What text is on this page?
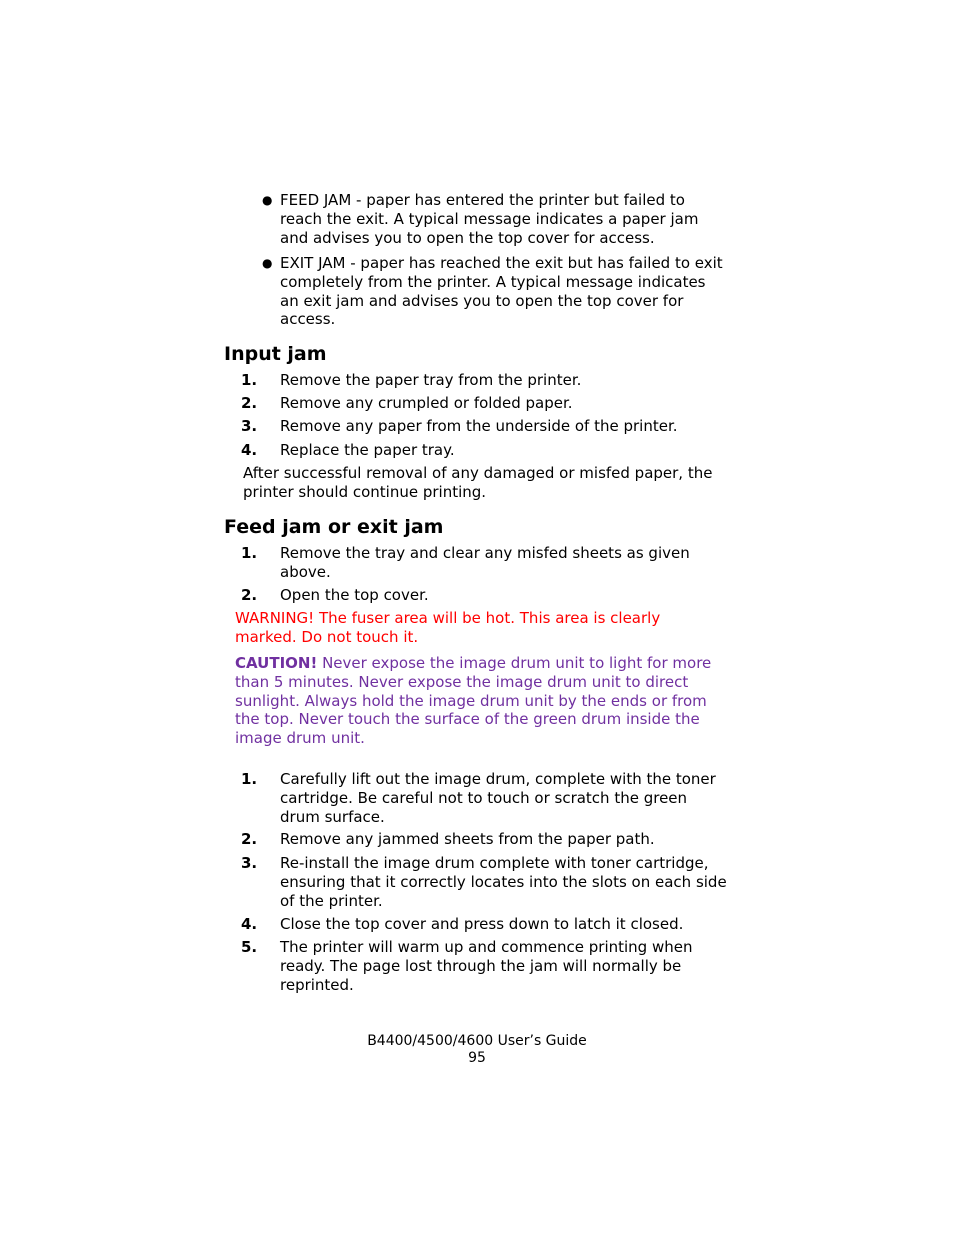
● FEED JAM - paper has entered the printer but failed to reach the exit. A typical message indicates a paper jam and advises you to open the top cover for access.

● EXIT JAM - paper has reached the exit but has failed to exit completely from the printer. A typical message indicates an exit jam and advises you to open the top cover for access.

Input jam
1. Remove the paper tray from the printer.

2. Remove any crumpled or folded paper.

3. Remove any paper from the underside of the printer.

4. Replace the paper tray.

After successful removal of any damaged or misfed paper, the printer should continue printing.

Feed jam or exit jam
1. Remove the tray and clear any misfed sheets as given above.

2. Open the top cover.

WARNING! The fuser area will be hot. This area is clearly marked. Do not touch it.

CAUTION! Never expose the image drum unit to light for more than 5 minutes. Never expose the image drum unit to direct sunlight. Always hold the image drum unit by the ends or from the top. Never touch the surface of the green drum inside the image drum unit.

1. Carefully lift out the image drum, complete with the toner cartridge. Be careful not to touch or scratch the green drum surface.

2. Remove any jammed sheets from the paper path.

3. Re-install the image drum complete with toner cartridge, ensuring that it correctly locates into the slots on each side of the printer.

4. Close the top cover and press down to latch it closed.

5. The printer will warm up and commence printing when ready. The page lost through the jam will normally be reprinted.

B4400/4500/4600 User’s Guide
95
